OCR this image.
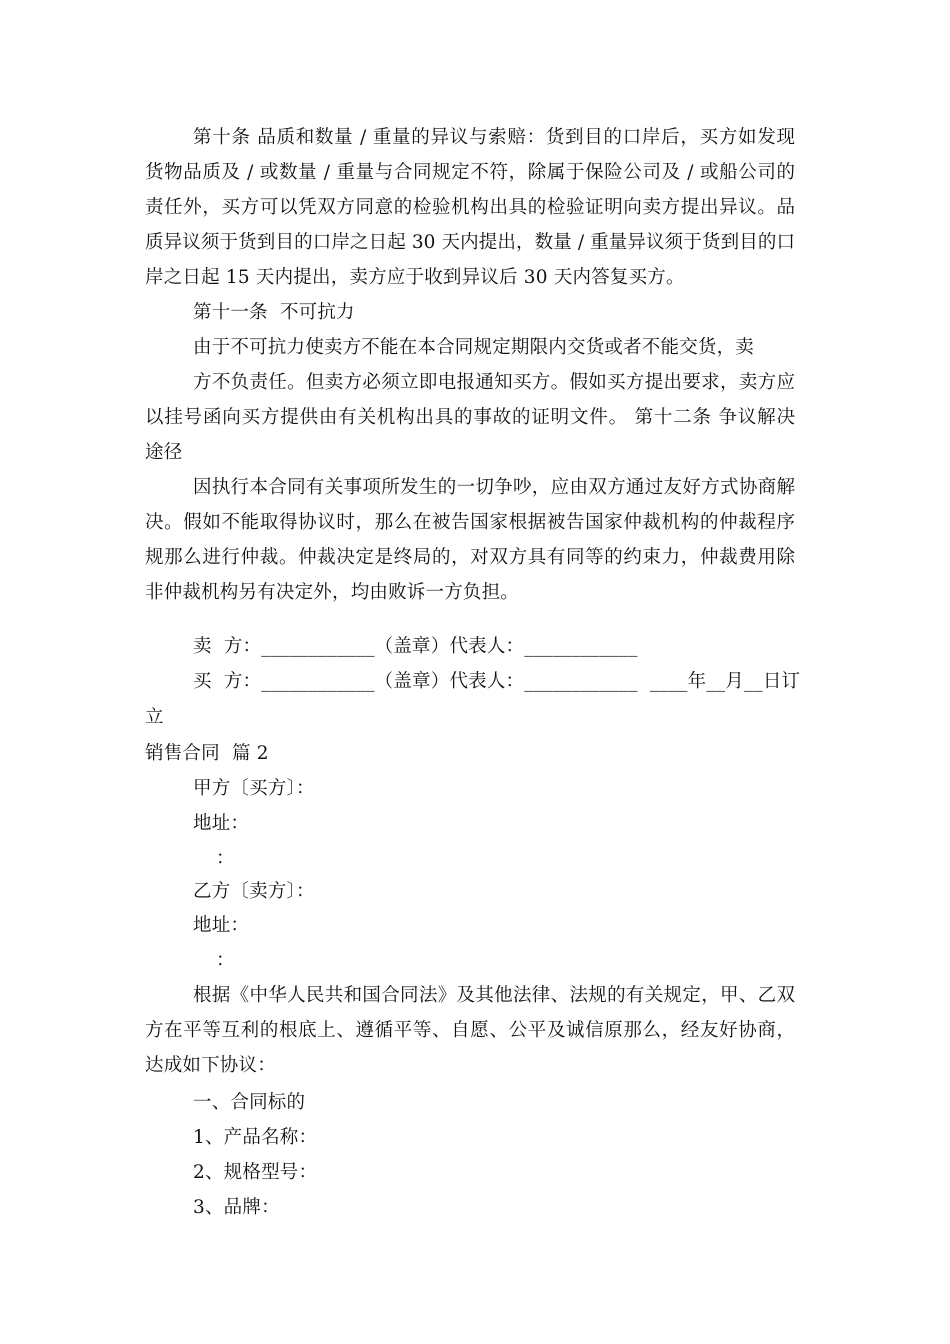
第十条 品质和数量 / 重量的异议与索赔：货到目的口岸后，买方如发现
货物品质及 / 或数量 / 重量与合同规定不符，除属于保险公司及 / 或船公司的
责任外，买方可以凭双方同意的检验机构出具的检验证明向卖方提出异议。品
质异议须于货到目的口岸之日起 30 天内提出，数量 / 重量异议须于货到目的口
岸之日起 15 天内提出，卖方应于收到异议后 30 天内答复买方。
第十一条  不可抗力
由于不可抗力使卖方不能在本合同规定期限内交货或者不能交货，卖
方不负责任。但卖方必须立即电报通知买方。假如买方提出要求，卖方应
以挂号函向买方提供由有关机构出具的事故的证明文件。 第十二条 争议解决
途径
因执行本合同有关事项所发生的一切争吵，应由双方通过友好方式协商解
决。假如不能取得协议时，那么在被告国家根据被告国家仲裁机构的仲裁程序
规那么进行仲裁。仲裁决定是终局的，对双方具有同等的约束力，仲裁费用除
非仲裁机构另有决定外，均由败诉一方负担。
卖  方：____________（盖章）代表人：____________
买  方：____________（盖章）代表人：____________  ____年__月__日订
立
销售合同  篇 2
甲方〔买方〕：
地址：
：
乙方〔卖方〕：
地址：
：
根据《中华人民共和国合同法》及其他法律、法规的有关规定，甲、乙双
方在平等互利的根底上、遵循平等、自愿、公平及诚信原那么，经友好协商，
达成如下协议：
一、合同标的
1、产品名称：
2、规格型号：
3、品牌：
